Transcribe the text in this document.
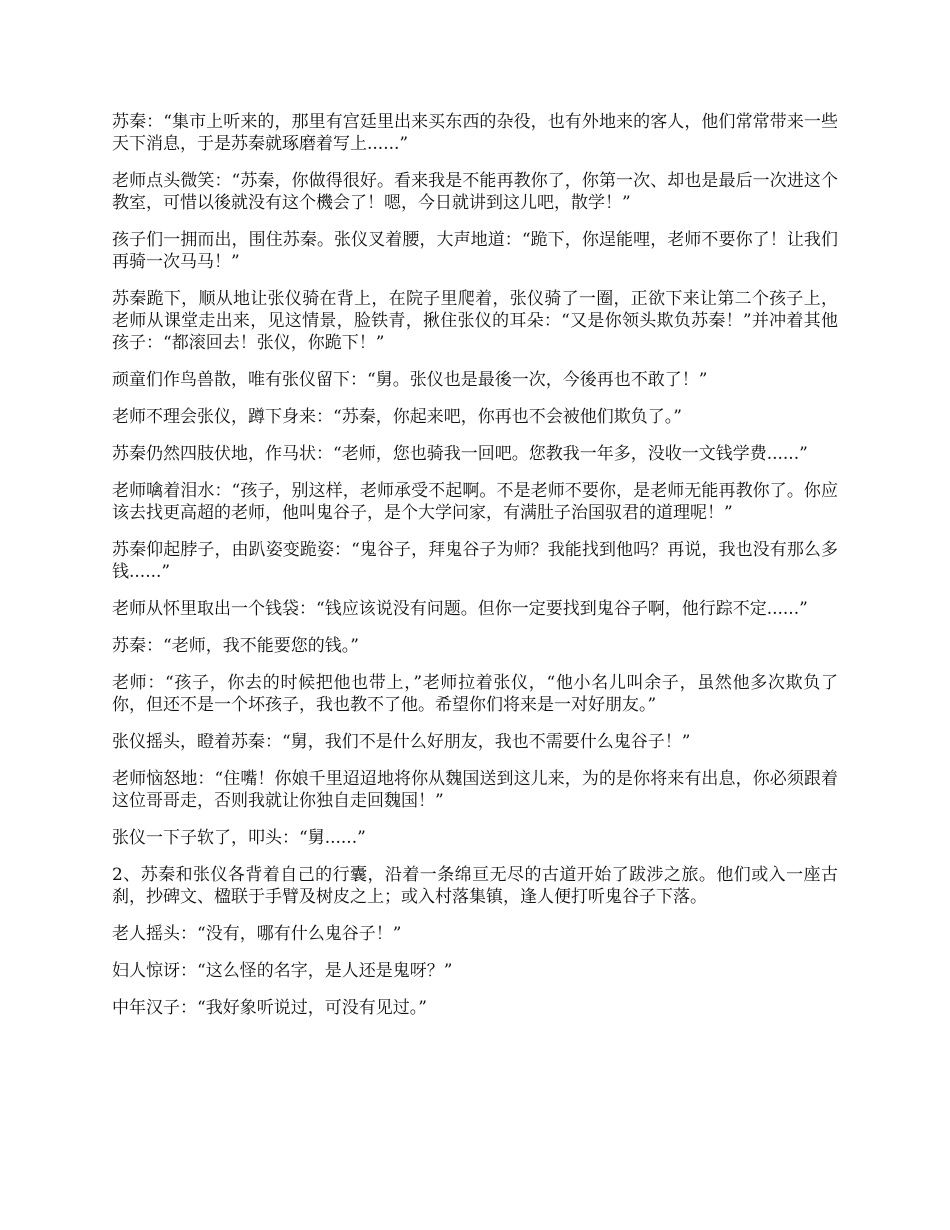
苏秦：“集市上听来的，那里有宫廷里出来买东西的杂役，也有外地来的客人，他们常常带来一些天下消息，于是苏秦就琢磨着写上......”

老师点头微笑：“苏秦，你做得很好。看来我是不能再教你了，你第一次、却也是最后一次进这个教室，可惜以後就没有这个機会了！嗯，今日就讲到这儿吧，散学！”

孩子们一拥而出，围住苏秦。张仪叉着腰，大声地道：“跪下，你逞能哩，老师不要你了！让我们再骑一次马马！”

苏秦跪下，顺从地让张仪骑在背上，在院子里爬着，张仪骑了一圈，正欲下来让第二个孩子上，老师从课堂走出来，见这情景，脸铁青，揪住张仪的耳朵：“又是你领头欺负苏秦！”并冲着其他孩子：“都滚回去！张仪，你跪下！”

顽童们作鸟兽散，唯有张仪留下：“舅。张仪也是最後一次，今後再也不敢了！”

老师不理会张仪，蹲下身来：“苏秦，你起来吧，你再也不会被他们欺负了。”

苏秦仍然四肢伏地，作马状：“老师，您也骑我一回吧。您教我一年多，没收一文钱学费......”

老师噙着泪水：“孩子，别这样，老师承受不起啊。不是老师不要你，是老师无能再教你了。你应该去找更高超的老师，他叫鬼谷子，是个大学问家，有满肚子治国驭君的道理呢！”

苏秦仰起脖子，由趴姿变跪姿：“鬼谷子，拜鬼谷子为师？我能找到他吗？再说，我也没有那么多钱......”

老师从怀里取出一个钱袋：“钱应该说没有问题。但你一定要找到鬼谷子啊，他行踪不定......”

苏秦：“老师，我不能要您的钱。”

老师：“孩子，你去的时候把他也带上，”老师拉着张仪，“他小名儿叫余子，虽然他多次欺负了你，但还不是一个坏孩子，我也教不了他。希望你们将来是一对好朋友。”

张仪摇头，瞪着苏秦：“舅，我们不是什么好朋友，我也不需要什么鬼谷子！”

老师恼怒地：“住嘴！你娘千里迢迢地将你从魏国送到这儿来，为的是你将来有出息，你必须跟着这位哥哥走，否则我就让你独自走回魏国！”

张仪一下子软了，叩头：“舅......”

2、苏秦和张仪各背着自己的行囊，沿着一条绵亘无尽的古道开始了跋涉之旅。他们或入一座古刹，抄碑文、楹联于手臂及树皮之上；或入村落集镇，逢人便打听鬼谷子下落。

老人摇头：“没有，哪有什么鬼谷子！”

妇人惊讶：“这么怪的名字，是人还是鬼呀？”

中年汉子：“我好象听说过，可没有见过。”
